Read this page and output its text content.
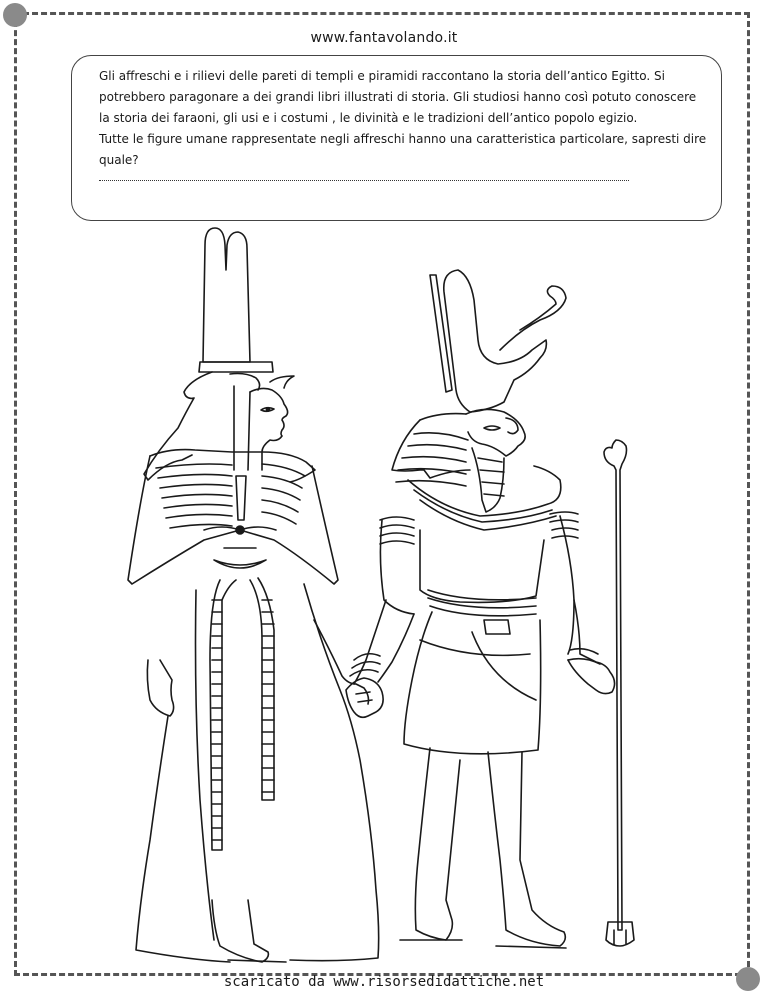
www.fantavolando.it

Gli affreschi e i rilievi delle pareti di templi e piramidi raccontano la storia dell’antico Egitto. Si potrebbero paragonare a dei grandi libri illustrati di storia. Gli studiosi hanno così potuto conoscere la storia dei faraoni, gli usi e i costumi , le divinità e le tradizioni dell’antico popolo egizio.

Tutte le figure umane rappresentate negli affreschi hanno una caratteristica particolare, sapresti dire quale?

scaricato da www.risorsedidattiche.net
